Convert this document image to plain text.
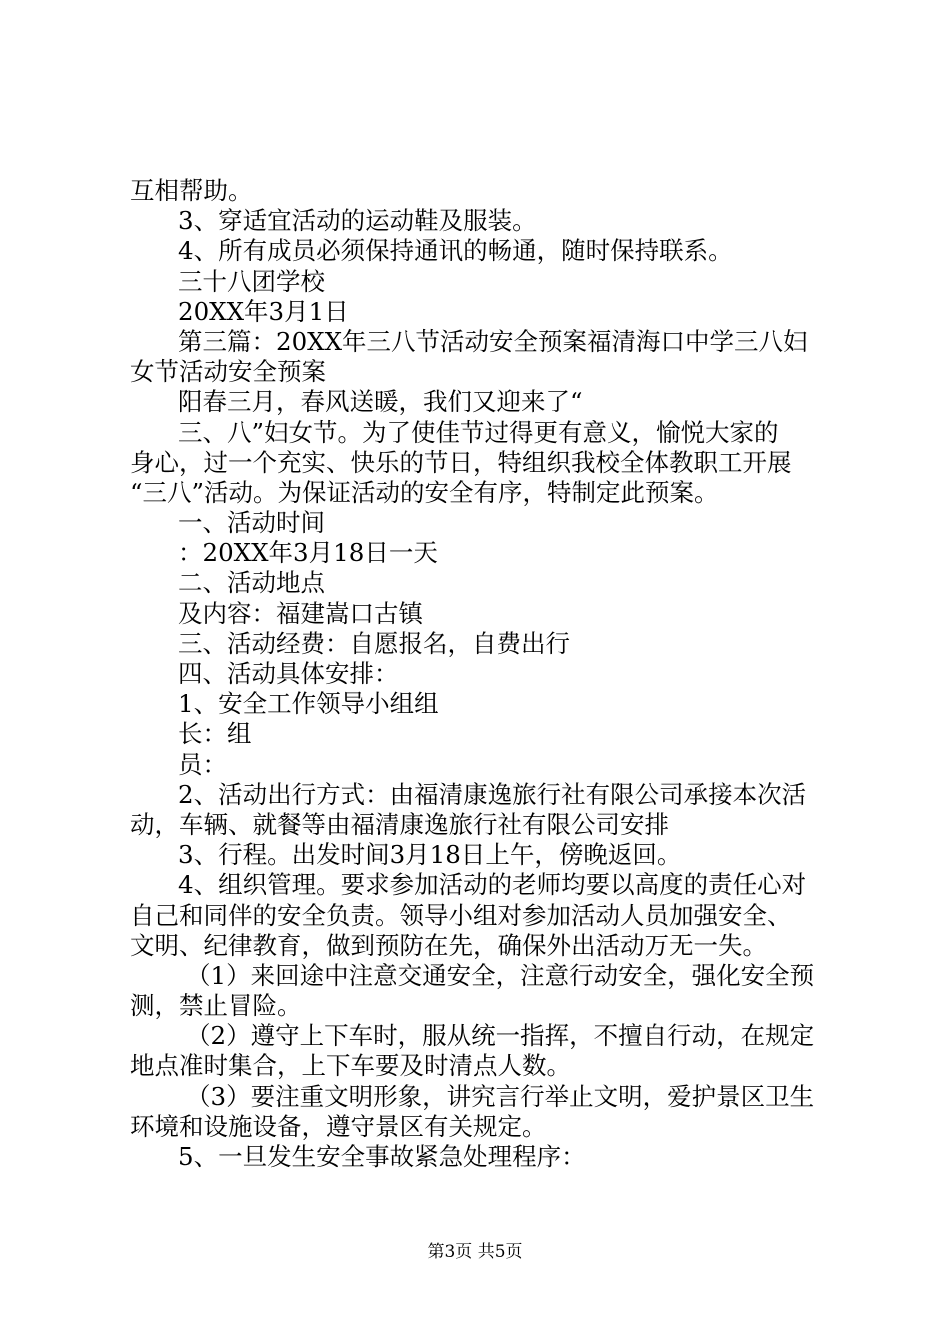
互相帮助。
3、穿适宜活动的运动鞋及服装。
4、所有成员必须保持通讯的畅通，随时保持联系。
三十八团学校
20XX年3月1日
第三篇：20XX年三八节活动安全预案福清海口中学三八妇
女节活动安全预案
阳春三月，春风送暖，我们又迎来了“
三、八”妇女节。为了使佳节过得更有意义，愉悦大家的
身心，过一个充实、快乐的节日，特组织我校全体教职工开展
“三八”活动。为保证活动的安全有序，特制定此预案。
一、活动时间
：20XX年3月18日一天
二、活动地点
及内容：福建嵩口古镇
三、活动经费：自愿报名，自费出行
四、活动具体安排：
1、安全工作领导小组组
长：组
员：
2、活动出行方式：由福清康逸旅行社有限公司承接本次活
动，车辆、就餐等由福清康逸旅行社有限公司安排
3、行程。出发时间3月18日上午，傍晚返回。
4、组织管理。要求参加活动的老师均要以高度的责任心对
自己和同伴的安全负责。领导小组对参加活动人员加强安全、
文明、纪律教育，做到预防在先，确保外出活动万无一失。
（1）来回途中注意交通安全，注意行动安全，强化安全预
测，禁止冒险。
（2）遵守上下车时，服从统一指挥，不擅自行动，在规定
地点准时集合，上下车要及时清点人数。
（3）要注重文明形象，讲究言行举止文明，爱护景区卫生
环境和设施设备，遵守景区有关规定。
5、一旦发生安全事故紧急处理程序：
第3页 共5页
